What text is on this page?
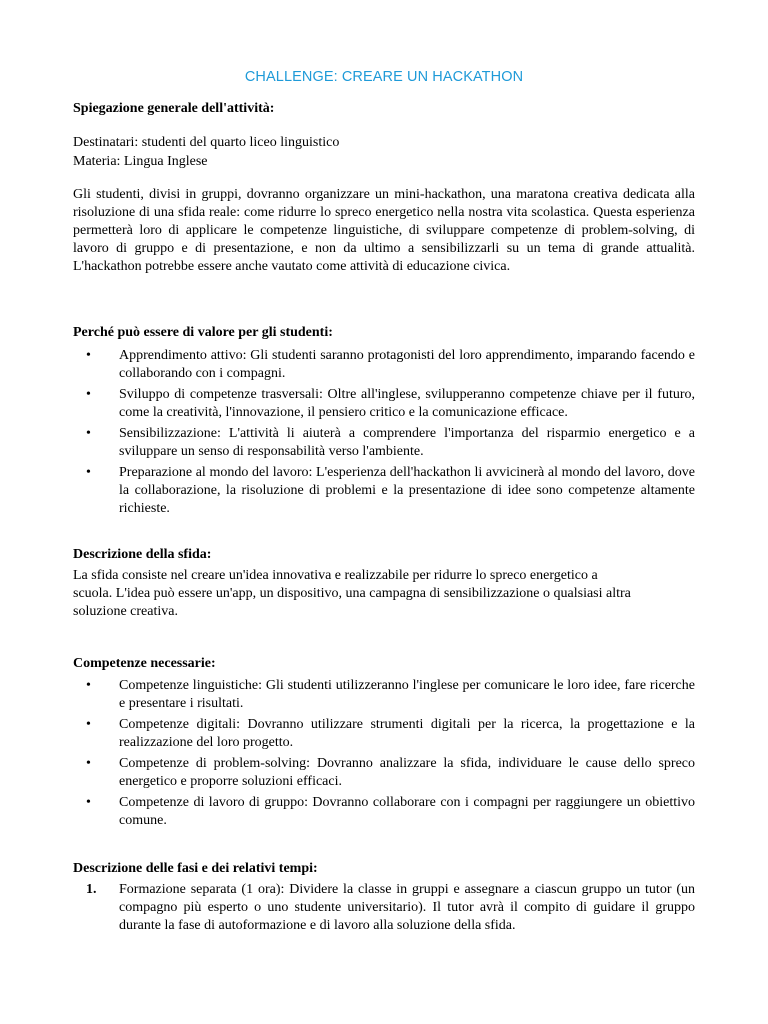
CHALLENGE: CREARE UN HACKATHON
Spiegazione generale dell'attività:
Destinatari: studenti del quarto liceo linguistico
Materia: Lingua Inglese
Gli studenti, divisi in gruppi, dovranno organizzare un mini-hackathon, una maratona creativa dedicata alla risoluzione di una sfida reale: come ridurre lo spreco energetico nella nostra vita scolastica. Questa esperienza permetterà loro di applicare le competenze linguistiche, di sviluppare competenze di problem-solving, di lavoro di gruppo e di presentazione, e non da ultimo a sensibilizzarli su un tema di grande attualità. L'hackathon potrebbe essere anche vautato come attività di educazione civica.
Perché può essere di valore per gli studenti:
• Apprendimento attivo: Gli studenti saranno protagonisti del loro apprendimento, imparando facendo e collaborando con i compagni.
• Sviluppo di competenze trasversali: Oltre all'inglese, svilupperanno competenze chiave per il futuro, come la creatività, l'innovazione, il pensiero critico e la comunicazione efficace.
• Sensibilizzazione: L'attività li aiuterà a comprendere l'importanza del risparmio energetico e a sviluppare un senso di responsabilità verso l'ambiente.
• Preparazione al mondo del lavoro: L'esperienza dell'hackathon li avvicinerà al mondo del lavoro, dove la collaborazione, la risoluzione di problemi e la presentazione di idee sono competenze altamente richieste.
Descrizione della sfida:
La sfida consiste nel creare un'idea innovativa e realizzabile per ridurre lo spreco energetico a
scuola. L'idea può essere un'app, un dispositivo, una campagna di sensibilizzazione o qualsiasi altra
soluzione creativa.
Competenze necessarie:
• Competenze linguistiche: Gli studenti utilizzeranno l'inglese per comunicare le loro idee, fare ricerche e presentare i risultati.
• Competenze digitali: Dovranno utilizzare strumenti digitali per la ricerca, la progettazione e la realizzazione del loro progetto.
• Competenze di problem-solving: Dovranno analizzare la sfida, individuare le cause dello spreco energetico e proporre soluzioni efficaci.
• Competenze di lavoro di gruppo: Dovranno collaborare con i compagni per raggiungere un obiettivo comune.
Descrizione delle fasi e dei relativi tempi:
1. Formazione separata (1 ora): Dividere la classe in gruppi e assegnare a ciascun gruppo un tutor (un compagno più esperto o uno studente universitario). Il tutor avrà il compito di guidare il gruppo durante la fase di autoformazione e di lavoro alla soluzione della sfida.
